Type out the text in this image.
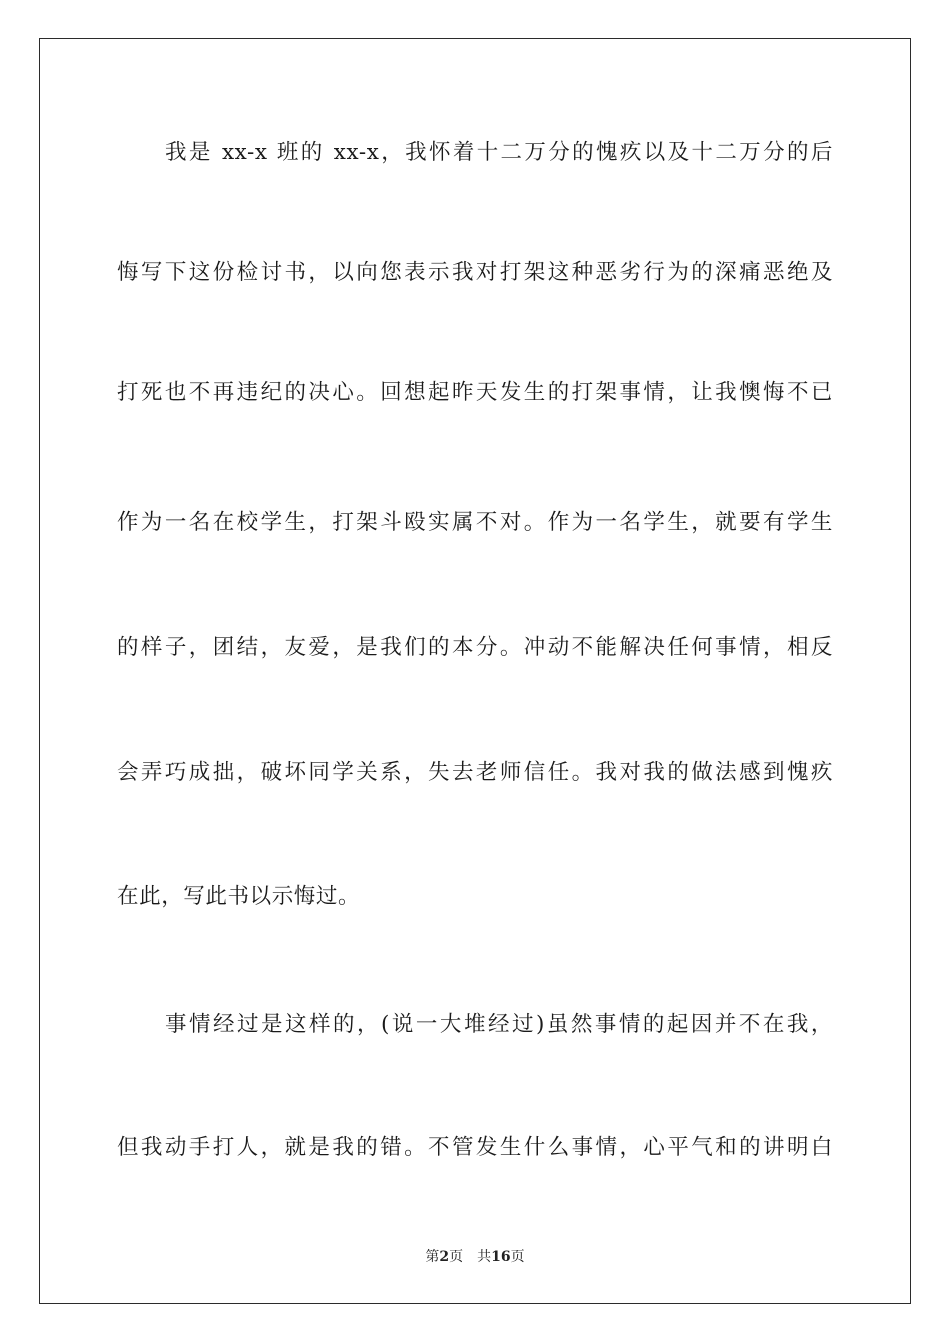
我是 xx-x 班的 xx-x，我怀着十二万分的愧疚以及十二万分的后
悔写下这份检讨书，以向您表示我对打架这种恶劣行为的深痛恶绝及
打死也不再违纪的决心。回想起昨天发生的打架事情，让我懊悔不已
作为一名在校学生，打架斗殴实属不对。作为一名学生，就要有学生
的样子，团结，友爱，是我们的本分。冲动不能解决任何事情，相反
会弄巧成拙，破坏同学关系，失去老师信任。我对我的做法感到愧疚
在此，写此书以示悔过。
事情经过是这样的，(说一大堆经过)虽然事情的起因并不在我，
但我动手打人，就是我的错。不管发生什么事情，心平气和的讲明白
第2页 共16页
